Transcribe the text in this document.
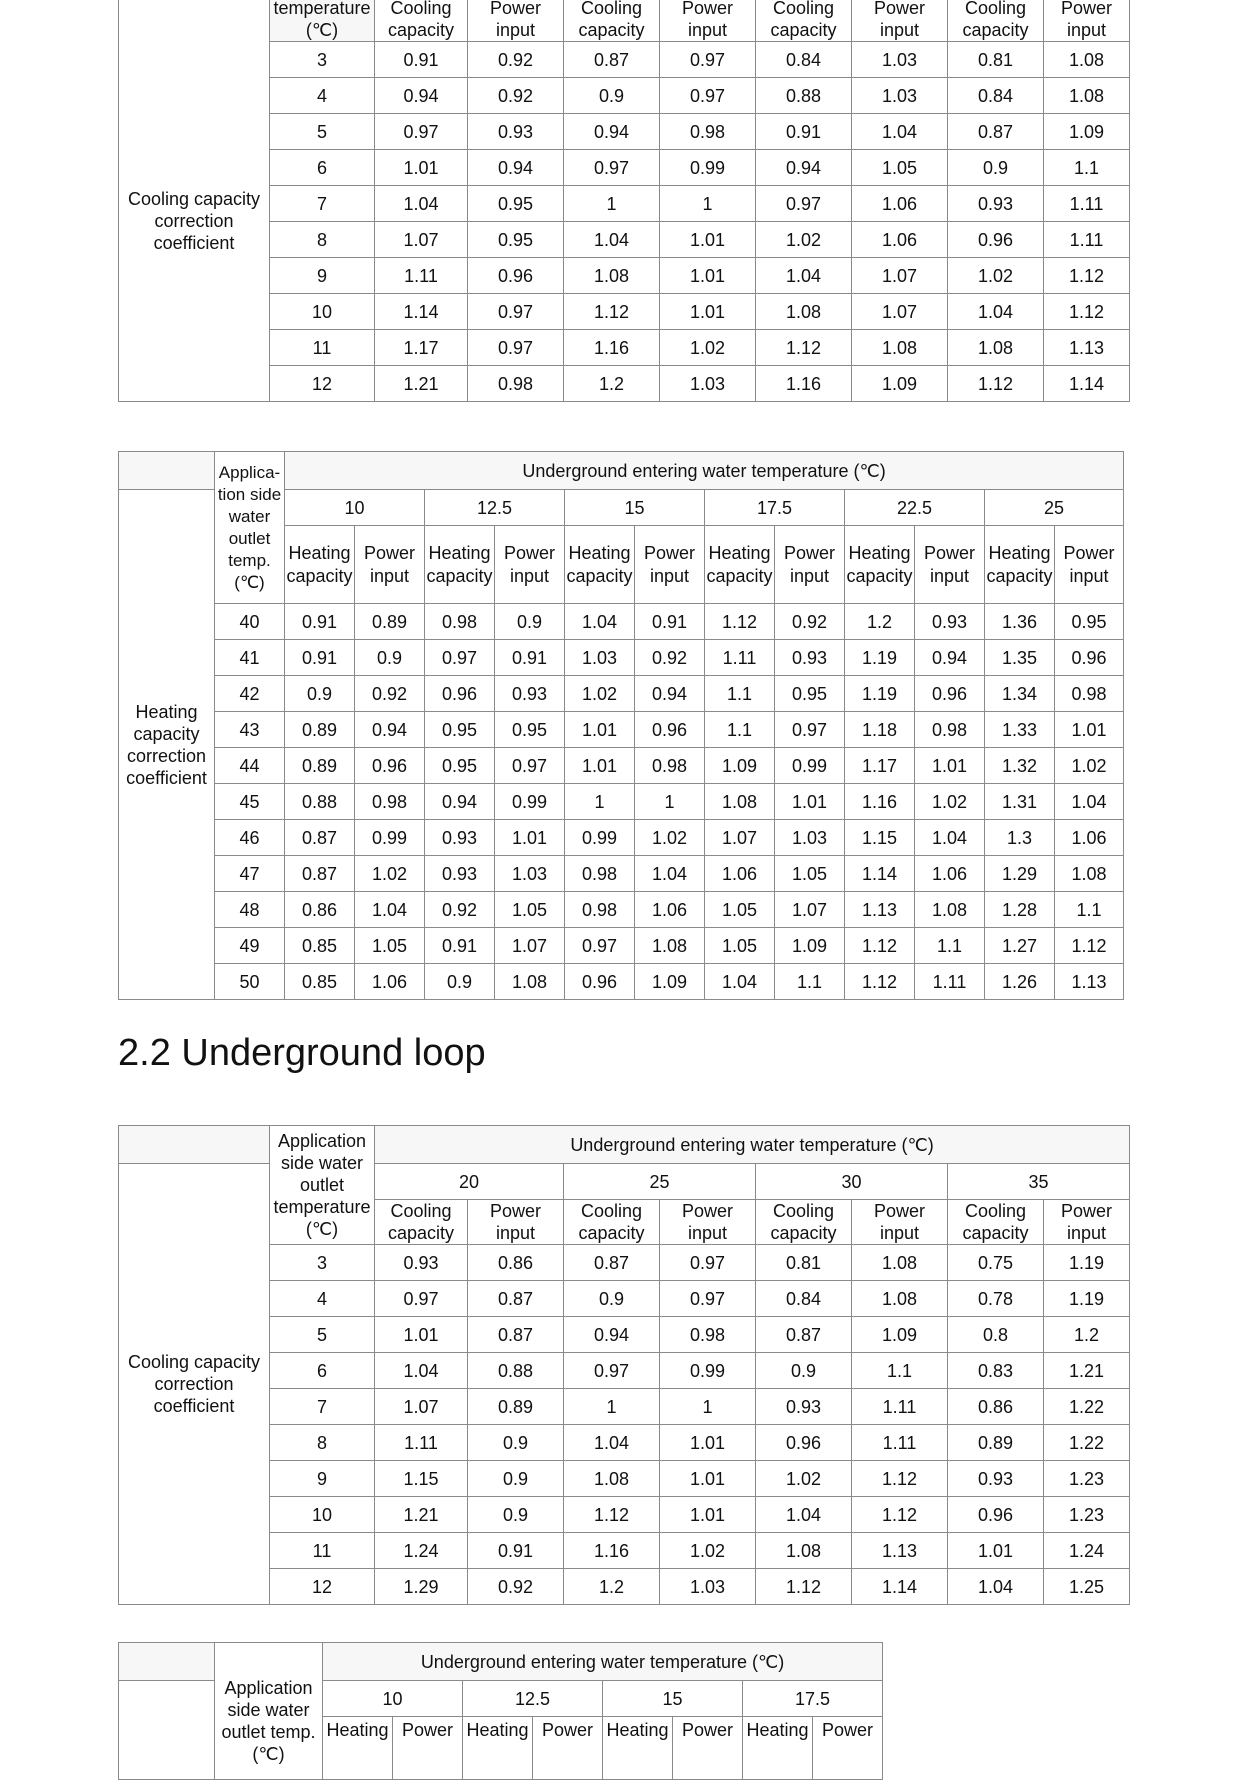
	temperature (℃)	Cooling capacity	Power input	Cooling capacity	Power input	Cooling capacity	Power input	Cooling capacity	Power input
Cooling capacity correction coefficient	3	0.91	0.92	0.87	0.97	0.84	1.03	0.81	1.08
	4	0.94	0.92	0.9	0.97	0.88	1.03	0.84	1.08
	5	0.97	0.93	0.94	0.98	0.91	1.04	0.87	1.09
	6	1.01	0.94	0.97	0.99	0.94	1.05	0.9	1.1
	7	1.04	0.95	1	1	0.97	1.06	0.93	1.11
	8	1.07	0.95	1.04	1.01	1.02	1.06	0.96	1.11
	9	1.11	0.96	1.08	1.01	1.04	1.07	1.02	1.12
	10	1.14	0.97	1.12	1.01	1.08	1.07	1.04	1.12
	11	1.17	0.97	1.16	1.02	1.12	1.08	1.08	1.13
	12	1.21	0.98	1.2	1.03	1.16	1.09	1.12	1.14
	Applica-tion side water outlet temp. (℃)	Underground entering water temperature (℃)											
Heating capacity correction coefficient		10		12.5		15		17.5		22.5		25	
		Heating capacity	Power input	Heating capacity	Power input	Heating capacity	Power input	Heating capacity	Power input	Heating capacity	Power input	Heating capacity	Power input
	40	0.91	0.89	0.98	0.9	1.04	0.91	1.12	0.92	1.2	0.93	1.36	0.95
	41	0.91	0.9	0.97	0.91	1.03	0.92	1.11	0.93	1.19	0.94	1.35	0.96
	42	0.9	0.92	0.96	0.93	1.02	0.94	1.1	0.95	1.19	0.96	1.34	0.98
	43	0.89	0.94	0.95	0.95	1.01	0.96	1.1	0.97	1.18	0.98	1.33	1.01
	44	0.89	0.96	0.95	0.97	1.01	0.98	1.09	0.99	1.17	1.01	1.32	1.02
	45	0.88	0.98	0.94	0.99	1	1	1.08	1.01	1.16	1.02	1.31	1.04
	46	0.87	0.99	0.93	1.01	0.99	1.02	1.07	1.03	1.15	1.04	1.3	1.06
	47	0.87	1.02	0.93	1.03	0.98	1.04	1.06	1.05	1.14	1.06	1.29	1.08
	48	0.86	1.04	0.92	1.05	0.98	1.06	1.05	1.07	1.13	1.08	1.28	1.1
	49	0.85	1.05	0.91	1.07	0.97	1.08	1.05	1.09	1.12	1.1	1.27	1.12
	50	0.85	1.06	0.9	1.08	0.96	1.09	1.04	1.1	1.12	1.11	1.26	1.13
2.2 Underground loop
	Application side water outlet temperature (℃)	Underground entering water temperature (℃)							
Cooling capacity correction coefficient		20		25		30		35	
		Cooling capacity	Power input	Cooling capacity	Power input	Cooling capacity	Power input	Cooling capacity	Power input
	3	0.93	0.86	0.87	0.97	0.81	1.08	0.75	1.19
	4	0.97	0.87	0.9	0.97	0.84	1.08	0.78	1.19
	5	1.01	0.87	0.94	0.98	0.87	1.09	0.8	1.2
	6	1.04	0.88	0.97	0.99	0.9	1.1	0.83	1.21
	7	1.07	0.89	1	1	0.93	1.11	0.86	1.22
	8	1.11	0.9	1.04	1.01	0.96	1.11	0.89	1.22
	9	1.15	0.9	1.08	1.01	1.02	1.12	0.93	1.23
	10	1.21	0.9	1.12	1.01	1.04	1.12	0.96	1.23
	11	1.24	0.91	1.16	1.02	1.08	1.13	1.01	1.24
	12	1.29	0.92	1.2	1.03	1.12	1.14	1.04	1.25
	Application side water outlet temp. (℃)	Underground entering water temperature (℃)							
		10		12.5		15		17.5	
		Heating	Power	Heating	Power	Heating	Power	Heating	Power
